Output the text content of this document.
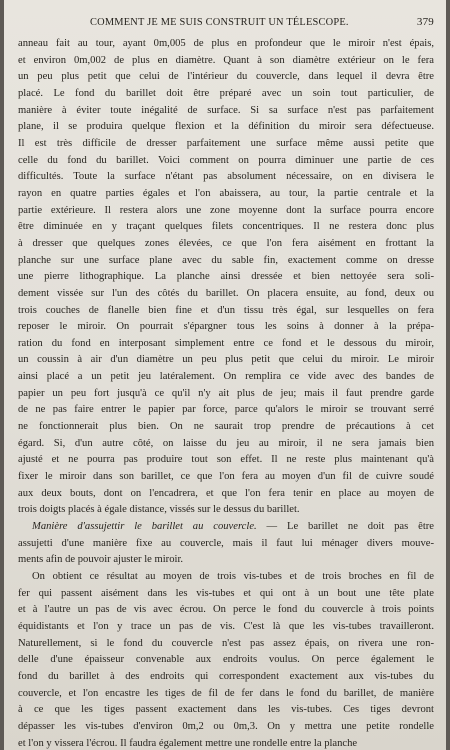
COMMENT JE ME SUIS CONSTRUIT UN TÉLESCOPE.	379
anneau fait au tour, ayant 0m,005 de plus en profondeur que le miroir n'est épais,
et environ 0m,002 de plus en diamètre. Quant à son diamètre extérieur on le fera
un peu plus petit que celui de l'intérieur du couvercle, dans lequel il devra être
placé. Le fond du barillet doit être préparé avec un soin tout particulier, de
manière à éviter toute inégalité de surface. Si sa surface n'est pas parfaitement
plane, il se produira quelque flexion et la définition du miroir sera défectueuse.
Il est très difficile de dresser parfaitement une surface même aussi petite que
celle du fond du barillet. Voici comment on pourra diminuer une partie de ces
difficultés. Toute la surface n'étant pas absolument nécessaire, on en divisera le
rayon en quatre parties égales et l'on abaissera, au tour, la partie centrale et la
partie extérieure. Il restera alors une zone moyenne dont la surface pourra encore
être diminuée en y traçant quelques filets concentriques. Il ne restera donc plus
à dresser que quelques zones élevées, ce que l'on fera aisément en frottant la
planche sur une surface plane avec du sable fin, exactement comme on dresse
une pierre lithographique. La planche ainsi dressée et bien nettoyée sera soli-
dement vissée sur l'un des côtés du barillet. On placera ensuite, au fond, deux ou
trois couches de flanelle bien fine et d'un tissu très égal, sur lesquelles on fera
reposer le miroir. On pourrait s'épargner tous les soins à donner à la prépa-
ration du fond en interposant simplement entre ce fond et le dessous du miroir,
un coussin à air d'un diamètre un peu plus petit que celui du miroir. Le miroir
ainsi placé a un petit jeu latéralement. On remplira ce vide avec des bandes de
papier un peu fort jusqu'à ce qu'il n'y ait plus de jeu; mais il faut prendre garde
de ne pas faire entrer le papier par force, parce qu'alors le miroir se trouvant serré
ne fonctionnerait plus bien. On ne saurait trop prendre de précautions à cet
égard. Si, d'un autre côté, on laisse du jeu au miroir, il ne sera jamais bien
ajusté et ne pourra pas produire tout son effet. Il ne reste plus maintenant qu'à
fixer le miroir dans son barillet, ce que l'on fera au moyen d'un fil de cuivre soudé
aux deux bouts, dont on l'encadrera, et que l'on fera tenir en place au moyen de
trois doigts placés à égale distance, vissés sur le dessus du barillet.
Manière d'assujettir le barillet au couvercle. — Le barillet ne doit pas être
assujetti d'une manière fixe au couvercle, mais il faut lui ménager divers mouve-
ments afin de pouvoir ajuster le miroir.
On obtient ce résultat au moyen de trois vis-tubes et de trois broches en fil de
fer qui passent aisément dans les vis-tubes et qui ont à un bout une tête plate
et à l'autre un pas de vis avec écrou. On perce le fond du couvercle à trois points
équidistants et l'on y trace un pas de vis. C'est là que les vis-tubes travailleront.
Naturellement, si le fond du couvercle n'est pas assez épais, on rivera une ron-
delle d'une épaisseur convenable aux endroits voulus. On perce également le
fond du barillet à des endroits qui correspondent exactement aux vis-tubes du
couvercle, et l'on encastre les tiges de fil de fer dans le fond du barillet, de manière
à ce que les tiges passent exactement dans les vis-tubes. Ces tiges devront
dépasser les vis-tubes d'environ 0m,2 ou 0m,3. On y mettra une petite rondelle
et l'on y vissera l'écrou. Il faudra également mettre une rondelle entre la planche
